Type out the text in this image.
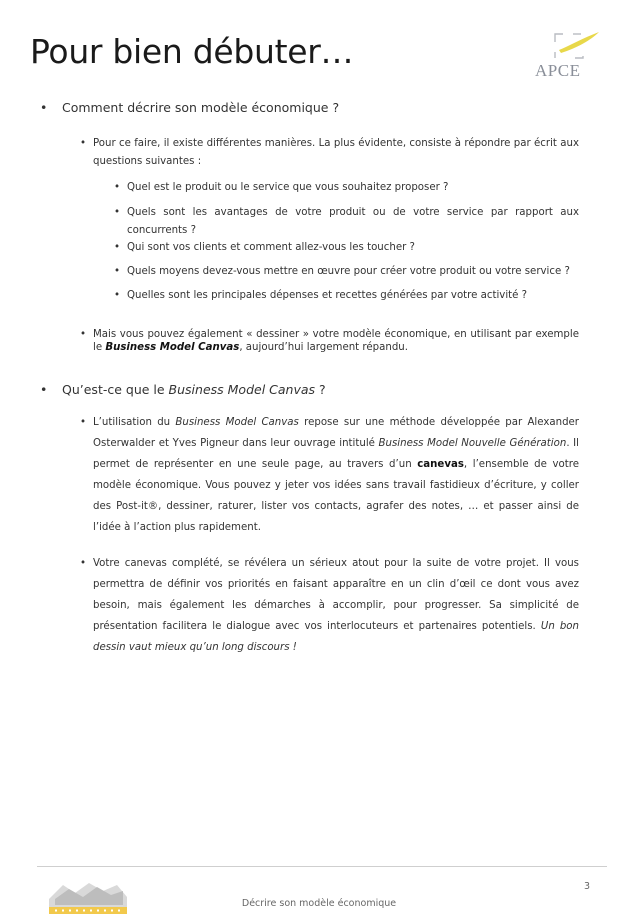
Pour bien débuter…	APCE
• Comment décrire son modèle économique ?
• Pour ce faire, il existe différentes manières. La plus évidente, consiste à répondre par écrit aux questions suivantes :
• Quel est le produit ou le service que vous souhaitez proposer ?
• Quels sont les avantages de votre produit ou de votre service par rapport aux concurrents ?
• Qui sont vos clients et comment allez-vous les toucher ?
• Quels moyens devez-vous mettre en œuvre pour créer votre produit ou votre service ?
• Quelles sont les principales dépenses et recettes générées par votre activité ?
• Mais vous pouvez également « dessiner » votre modèle économique, en utilisant par exemple le Business Model Canvas, aujourd’hui largement répandu.
• Qu’est-ce que le Business Model Canvas ?
• L’utilisation du Business Model Canvas repose sur une méthode développée par Alexander Osterwalder et Yves Pigneur dans leur ouvrage intitulé Business Model Nouvelle Génération. Il permet de représenter en une seule page, au travers d’un canevas, l’ensemble de votre modèle économique. Vous pouvez y jeter vos idées sans travail fastidieux d’écriture, y coller des Post-it®, dessiner, raturer, lister vos contacts, agrafer des notes, … et passer ainsi de l’idée à l’action plus rapidement.
• Votre canevas complété, se révélera un sérieux atout pour la suite de votre projet. Il vous permettra de définir vos priorités en faisant apparaître en un clin d’œil ce dont vous avez besoin, mais également les démarches à accomplir, pour progresser. Sa simplicité de présentation facilitera le dialogue avec vos interlocuteurs et partenaires potentiels. Un bon dessin vaut mieux qu’un long discours !
Décrire son modèle économique
3
